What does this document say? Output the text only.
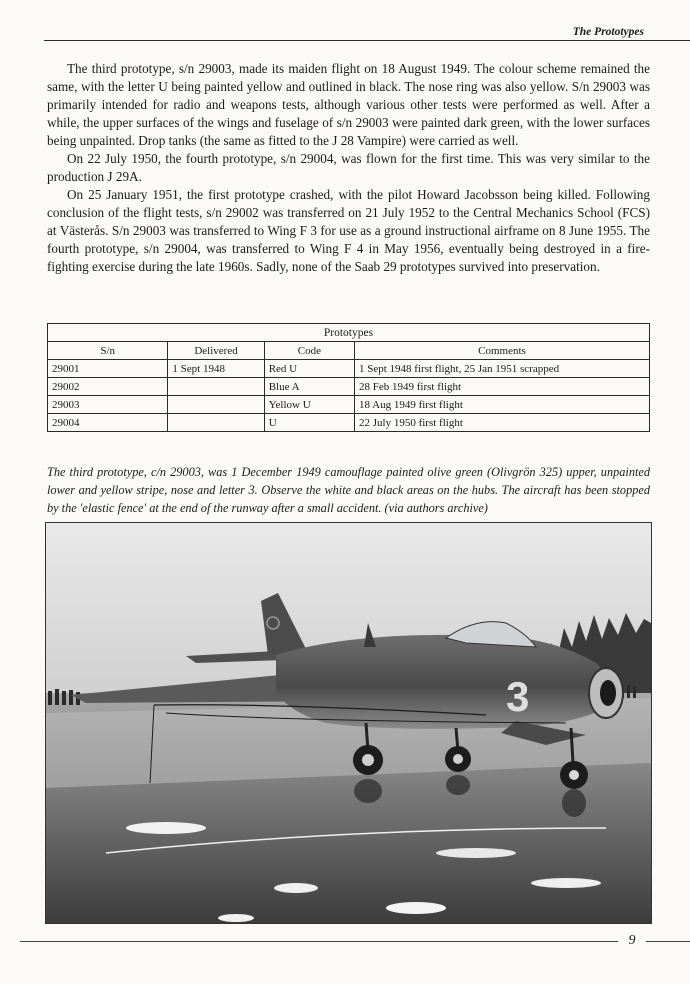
The Prototypes

The third prototype, s/n 29003, made its maiden flight on 18 August 1949. The colour scheme remained the same, with the letter U being painted yellow and outlined in black. The nose ring was also yellow. S/n 29003 was primarily intended for radio and weapons tests, although various other tests were performed as well. After a while, the upper surfaces of the wings and fuselage of s/n 29003 were painted dark green, with the lower surfaces being unpainted. Drop tanks (the same as fitted to the J 28 Vampire) were carried as well.

On 22 July 1950, the fourth prototype, s/n 29004, was flown for the first time. This was very similar to the production J 29A.

On 25 January 1951, the first prototype crashed, with the pilot Howard Jacobsson being killed. Following conclusion of the flight tests, s/n 29002 was transferred on 21 July 1952 to the Central Mechanics School (FCS) at Västerås. S/n 29003 was transferred to Wing F 3 for use as a ground instructional airframe on 8 June 1955. The fourth prototype, s/n 29004, was transferred to Wing F 4 in May 1956, eventually being destroyed in a fire-fighting exercise during the late 1960s. Sadly, none of the Saab 29 prototypes survived into preservation.

Prototypes			
S/n	Delivered	Code	Comments
29001	1 Sept 1948	Red U	1 Sept 1948 first flight, 25 Jan 1951 scrapped
29002		Blue A	28 Feb 1949 first flight
29003		Yellow U	18 Aug 1949 first flight
29004		U	22 July 1950 first flight
The third prototype, c/n 29003, was 1 December 1949 camouflage painted olive green (Olivgrön 325) upper, unpainted lower and yellow stripe, nose and letter 3. Observe the white and black areas on the hubs. The aircraft has been stopped by the 'elastic fence' at the end of the runway after a small accident. (via authors archive)
3
9
